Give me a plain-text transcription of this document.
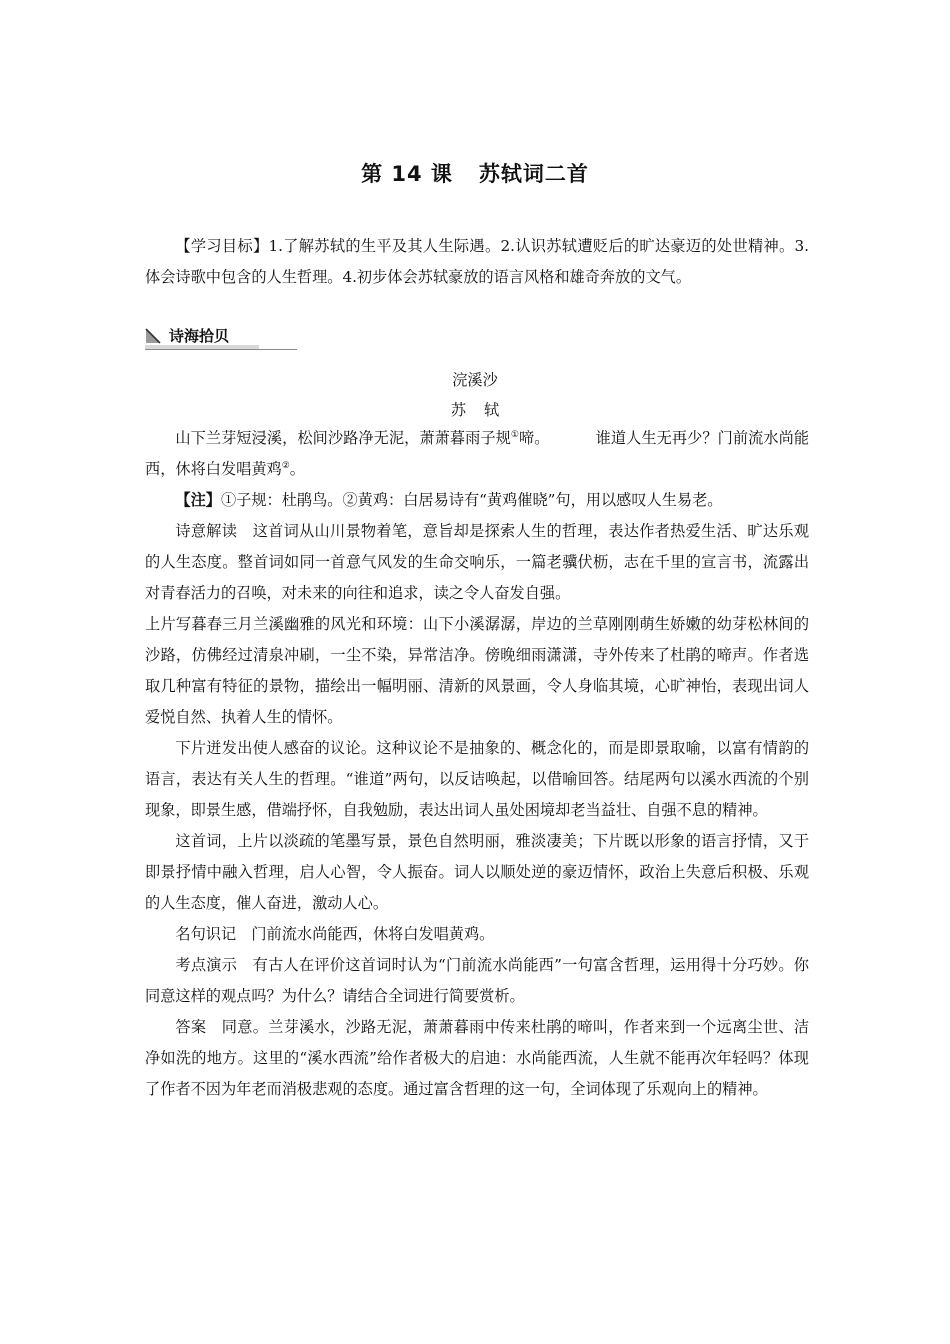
第 14 课 苏轼词二首
【学习目标】1.了解苏轼的生平及其人生际遇。2.认识苏轼遭贬后的旷达豪迈的处世精神。3.体会诗歌中包含的人生哲理。4.初步体会苏轼豪放的语言风格和雄奇奔放的文气。
诗海拾贝
浣溪沙
苏轼

山下兰芽短浸溪，松间沙路净无泥，萧萧暮雨子规①啼。	谁道人生无再少？门前流水尚能西，休将白发唱黄鸡②。

【注】①子规：杜鹃鸟。②黄鸡：白居易诗有“黄鸡催晓”句，用以感叹人生易老。

诗意解读　这首词从山川景物着笔，意旨却是探索人生的哲理，表达作者热爱生活、旷达乐观的人生态度。整首词如同一首意气风发的生命交响乐，一篇老骥伏枥，志在千里的宣言书，流露出对青春活力的召唤，对未来的向往和追求，读之令人奋发自强。

上片写暮春三月兰溪幽雅的风光和环境：山下小溪潺潺，岸边的兰草刚刚萌生娇嫩的幼芽松林间的沙路，仿佛经过清泉冲刷，一尘不染，异常洁净。傍晚细雨潇潇，寺外传来了杜鹃的啼声。作者选取几种富有特征的景物，描绘出一幅明丽、清新的风景画，令人身临其境，心旷神怡，表现出词人爱悦自然、执着人生的情怀。

下片迸发出使人感奋的议论。这种议论不是抽象的、概念化的，而是即景取喻，以富有情韵的语言，表达有关人生的哲理。“谁道”两句，以反诘唤起，以借喻回答。结尾两句以溪水西流的个别现象，即景生感，借端抒怀，自我勉励，表达出词人虽处困境却老当益壮、自强不息的精神。

这首词，上片以淡疏的笔墨写景，景色自然明丽，雅淡凄美；下片既以形象的语言抒情，又于即景抒情中融入哲理，启人心智，令人振奋。词人以顺处逆的豪迈情怀，政治上失意后积极、乐观的人生态度，催人奋进，激动人心。

名句识记　门前流水尚能西，休将白发唱黄鸡。

考点演示　有古人在评价这首词时认为“门前流水尚能西”一句富含哲理，运用得十分巧妙。你同意这样的观点吗？为什么？请结合全词进行简要赏析。

答案　同意。兰芽溪水，沙路无泥，萧萧暮雨中传来杜鹃的啼叫，作者来到一个远离尘世、洁净如洗的地方。这里的“溪水西流”给作者极大的启迪：水尚能西流，人生就不能再次年轻吗？体现了作者不因为年老而消极悲观的态度。通过富含哲理的这一句，全词体现了乐观向上的精神。
